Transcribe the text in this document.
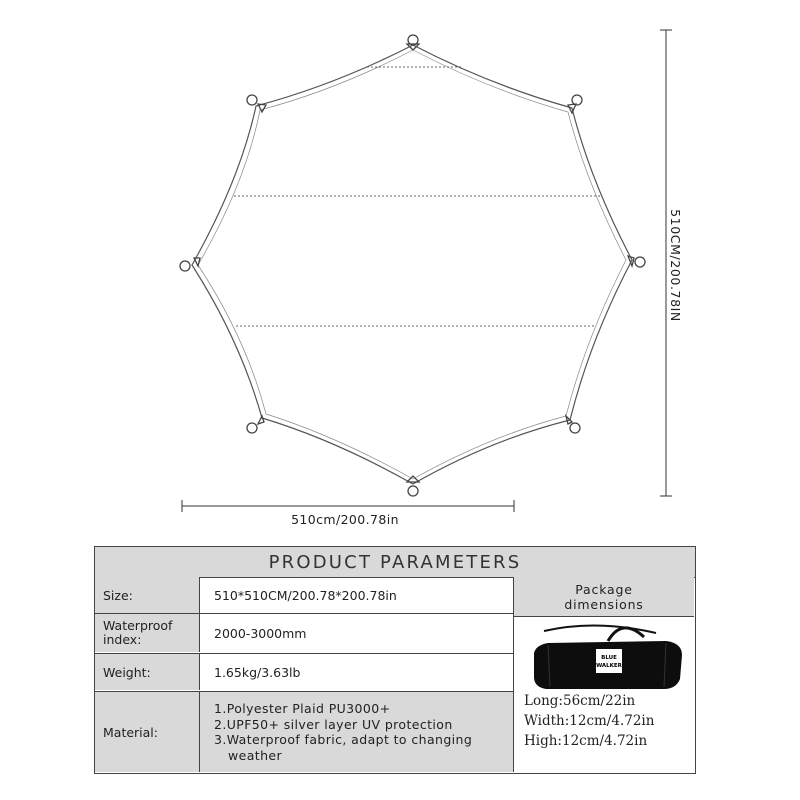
510CM/200.78IN
510cm/200.78in
PRODUCT PARAMETERS
Size:	510*510CM/200.78*200.78in
Waterproof index:	2000-3000mm
Weight:	1.65kg/3.63lb
Material:
1.Polyester Plaid PU3000+
2.UPF50+ silver layer UV protection
3.Waterproof fabric, adapt to changing
weather
Package
dimensions
BLUE
WALKER
Long:56cm/22in
Width:12cm/4.72in
High:12cm/4.72in
